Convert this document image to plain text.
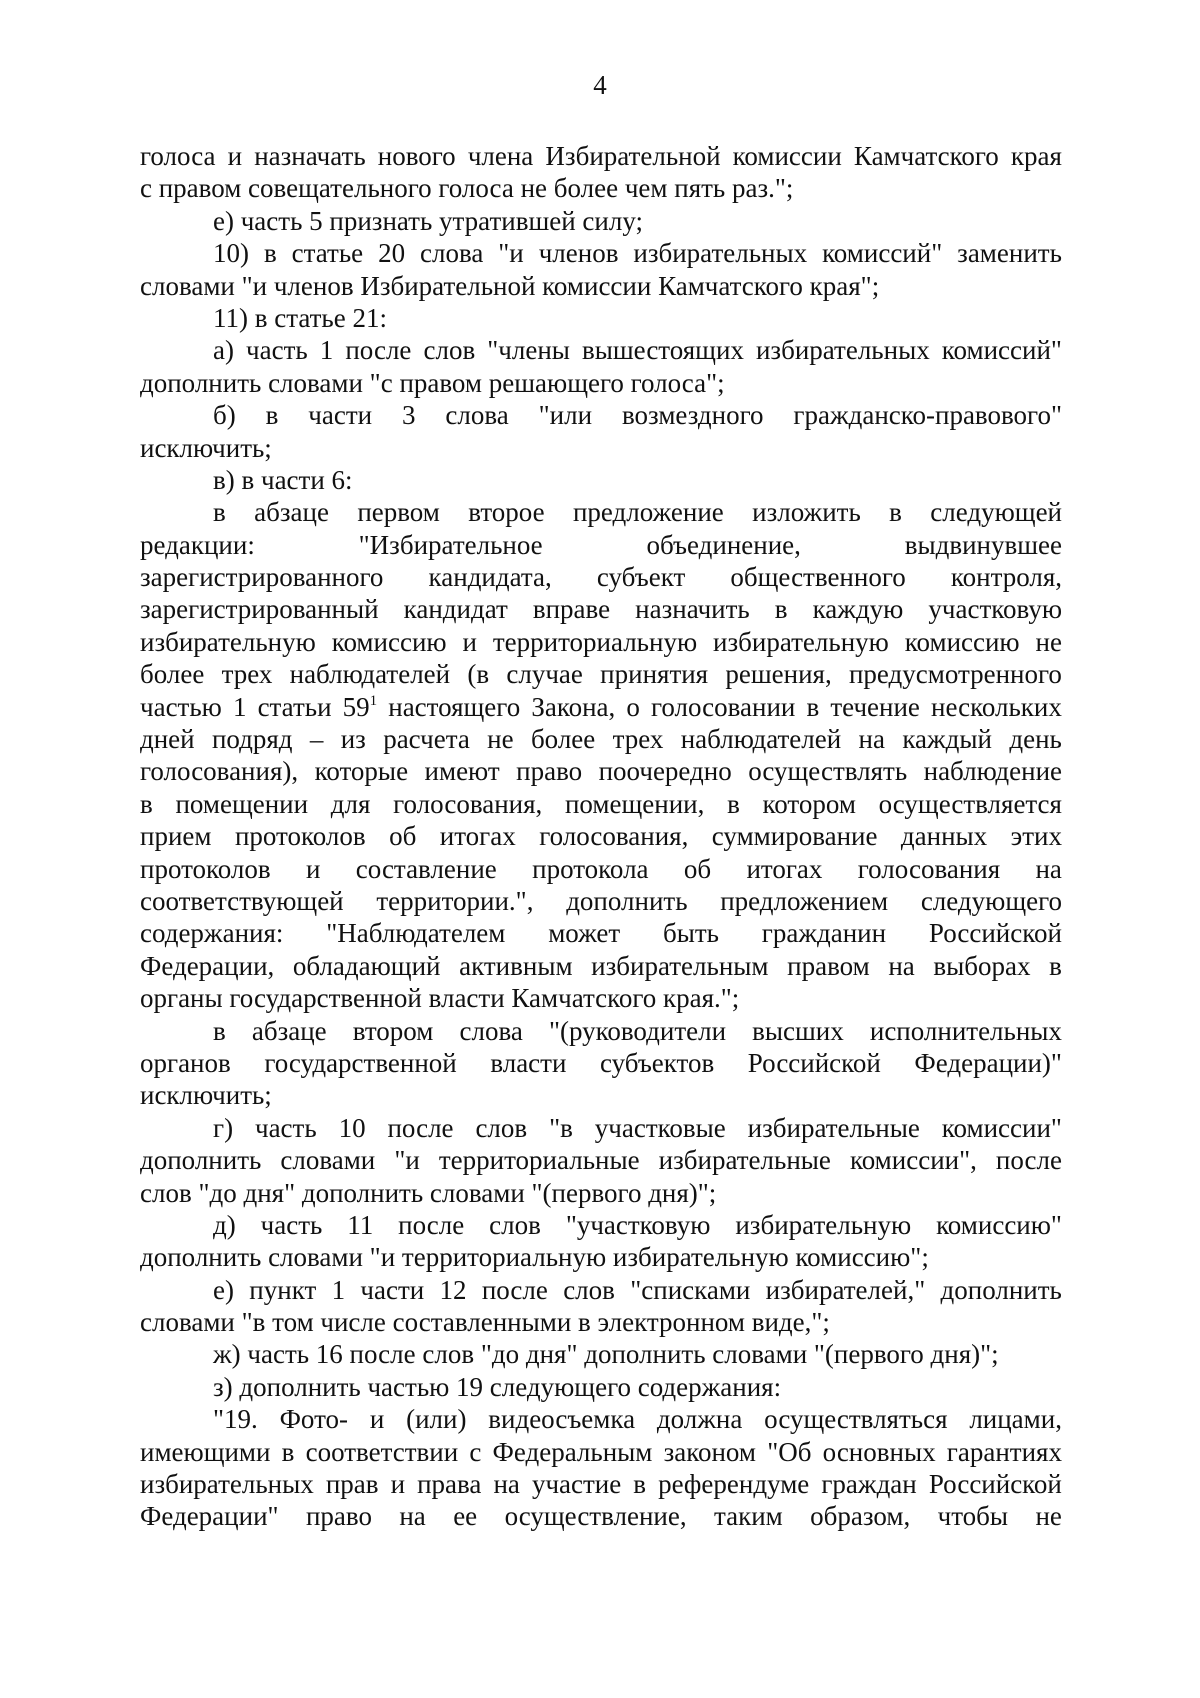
4
голоса и назначать нового члена Избирательной комиссии Камчатского края
с правом совещательного голоса не более чем пять раз.";
е) часть 5 признать утратившей силу;
10) в статье 20 слова "и членов избирательных комиссий" заменить
словами "и членов Избирательной комиссии Камчатского края";
11) в статье 21:
а) часть 1 после слов "члены вышестоящих избирательных комиссий"
дополнить словами "с правом решающего голоса";
б) в части 3 слова "или возмездного гражданско-правового"
исключить;
в) в части 6:
в абзаце первом второе предложение изложить в следующей
редакции:	"Избирательное	объединение,	выдвинувшее
зарегистрированного кандидата, субъект общественного контроля,
зарегистрированный кандидат вправе назначить в каждую участковую
избирательную комиссию и территориальную избирательную комиссию не
более трех наблюдателей (в случае принятия решения, предусмотренного
частью 1 статьи $59^1$ настоящего Закона, о голосовании в течение нескольких
дней подряд – из расчета не более трех наблюдателей на каждый день
голосования), которые имеют право поочередно осуществлять наблюдение
в помещении для голосования, помещении, в котором осуществляется
прием протоколов об итогах голосования, суммирование данных этих
протоколов и составление протокола об итогах голосования на
соответствующей территории.", дополнить предложением следующего
содержания: "Наблюдателем может быть гражданин Российской
Федерации, обладающий активным избирательным правом на выборах в
органы государственной власти Камчатского края.";
в абзаце втором слова "(руководители высших исполнительных
органов государственной власти субъектов Российской Федерации)"
исключить;
г) часть 10 после слов "в участковые избирательные комиссии"
дополнить словами "и территориальные избирательные комиссии", после
слов "до дня" дополнить словами "(первого дня)";
д) часть 11 после слов "участковую избирательную комиссию"
дополнить словами "и территориальную избирательную комиссию";
е) пункт 1 части 12 после слов "списками избирателей," дополнить
словами "в том числе составленными в электронном виде,";
ж) часть 16 после слов "до дня" дополнить словами "(первого дня)";
з) дополнить частью 19 следующего содержания:
"19. Фото- и (или) видеосъемка должна осуществляться лицами,
имеющими в соответствии с Федеральным законом "Об основных гарантиях
избирательных прав и права на участие в референдуме граждан Российской
Федерации" право на ее осуществление, таким образом, чтобы не
